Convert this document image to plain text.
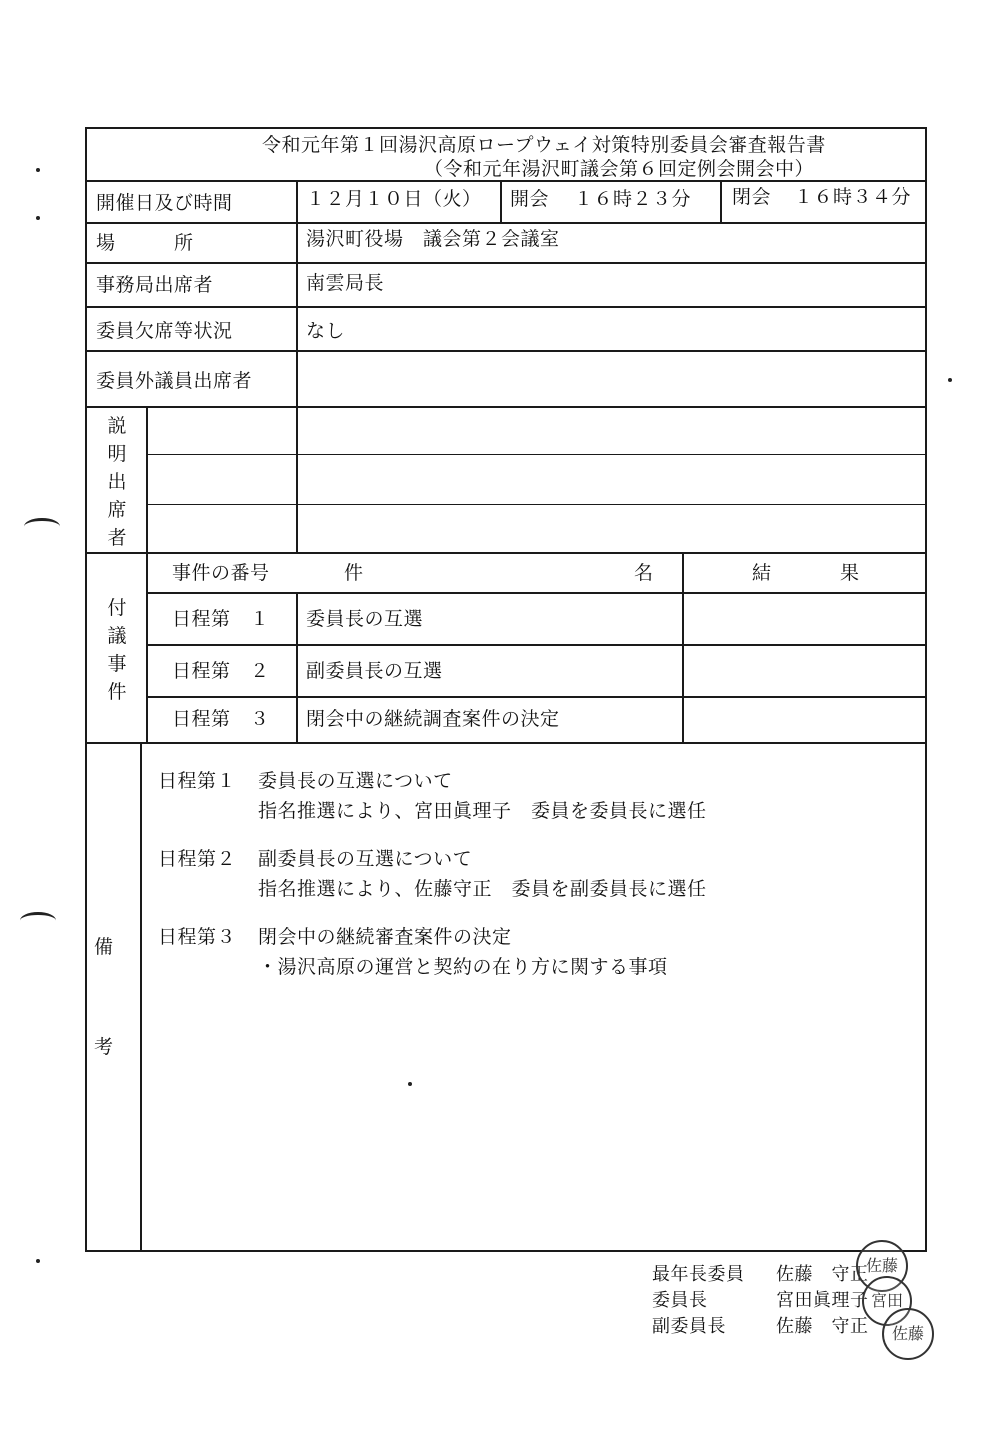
令和元年第１回湯沢高原ロープウェイ対策特別委員会審査報告書
（令和元年湯沢町議会第６回定例会開会中）
開催日及び時間	１２月１０日（火） 開会 １６時２３分 閉会 １６時３４分
場　　　所	湯沢町役場　議会第２会議室
事務局出席者	南雲局長
委員欠席等状況	なし
委員外議員出席者
説明出席者
付議事件
事件の番号	件	名	結	果
日程第　１ 委員長の互選
日程第　２ 副委員長の互選
日程第　３ 閉会中の継続調査案件の決定
備
考
日程第１ 委員長の互選について
指名推選により、宮田眞理子　委員を委員長に選任
日程第２ 副委員長の互選について
指名推選により、佐藤守正　委員を副委員長に選任
日程第３ 閉会中の継続審査案件の決定
・湯沢高原の運営と契約の在り方に関する事項
最年長委員 佐藤　守正
委員長	宮田眞理子
副委員長	佐藤　守正
佐藤
宮田
佐藤
